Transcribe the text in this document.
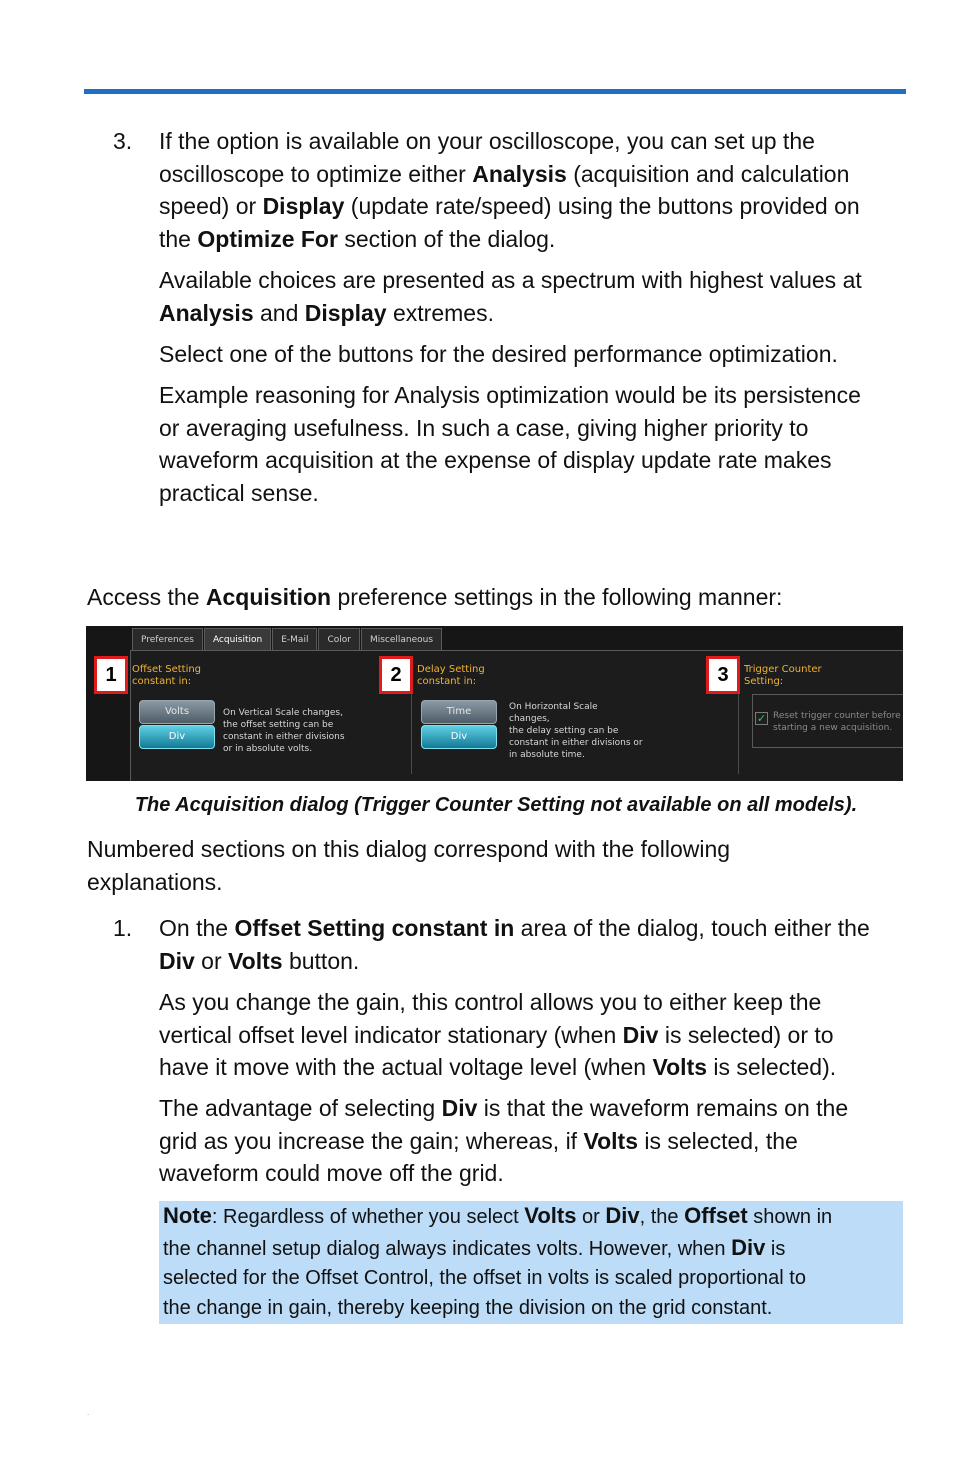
3.	If the option is available on your oscilloscope, you can set up the
oscilloscope to optimize either Analysis (acquisition and calculation
speed) or Display (update rate/speed) using the buttons provided on
the Optimize For section of the dialog.
Available choices are presented as a spectrum with highest values at
Analysis and Display extremes.
Select one of the buttons for the desired performance optimization.
Example reasoning for Analysis optimization would be its persistence
or averaging usefulness. In such a case, giving higher priority to
waveform acquisition at the expense of display update rate makes
practical sense.
Access the Acquisition preference settings in the following manner:
Preferences	Acquisition	E-Mail	Color	Miscellaneous
1	Offset Setting
constant in:
Volts
Div
On Vertical Scale changes,
the offset setting can be
constant in either divisions
or in absolute volts.
2	Delay Setting
constant in:
Time
Div
On Horizontal Scale
changes,
the delay setting can be
constant in either divisions or
in absolute time.
3	Trigger Counter
Setting:
✓ Reset trigger counter before
starting a new acquisition.
The Acquisition dialog (Trigger Counter Setting not available on all models).
Numbered sections on this dialog correspond with the following
explanations.
1.	On the Offset Setting constant in area of the dialog, touch either the
Div or Volts button.
As you change the gain, this control allows you to either keep the
vertical offset level indicator stationary (when Div is selected) or to
have it move with the actual voltage level (when Volts is selected).
The advantage of selecting Div is that the waveform remains on the
grid as you increase the gain; whereas, if Volts is selected, the
waveform could move off the grid.
Note: Regardless of whether you select Volts or Div, the Offset shown in
the channel setup dialog always indicates volts. However, when Div is
selected for the Offset Control, the offset in volts is scaled proportional to
the change in gain, thereby keeping the division on the grid constant.
.
